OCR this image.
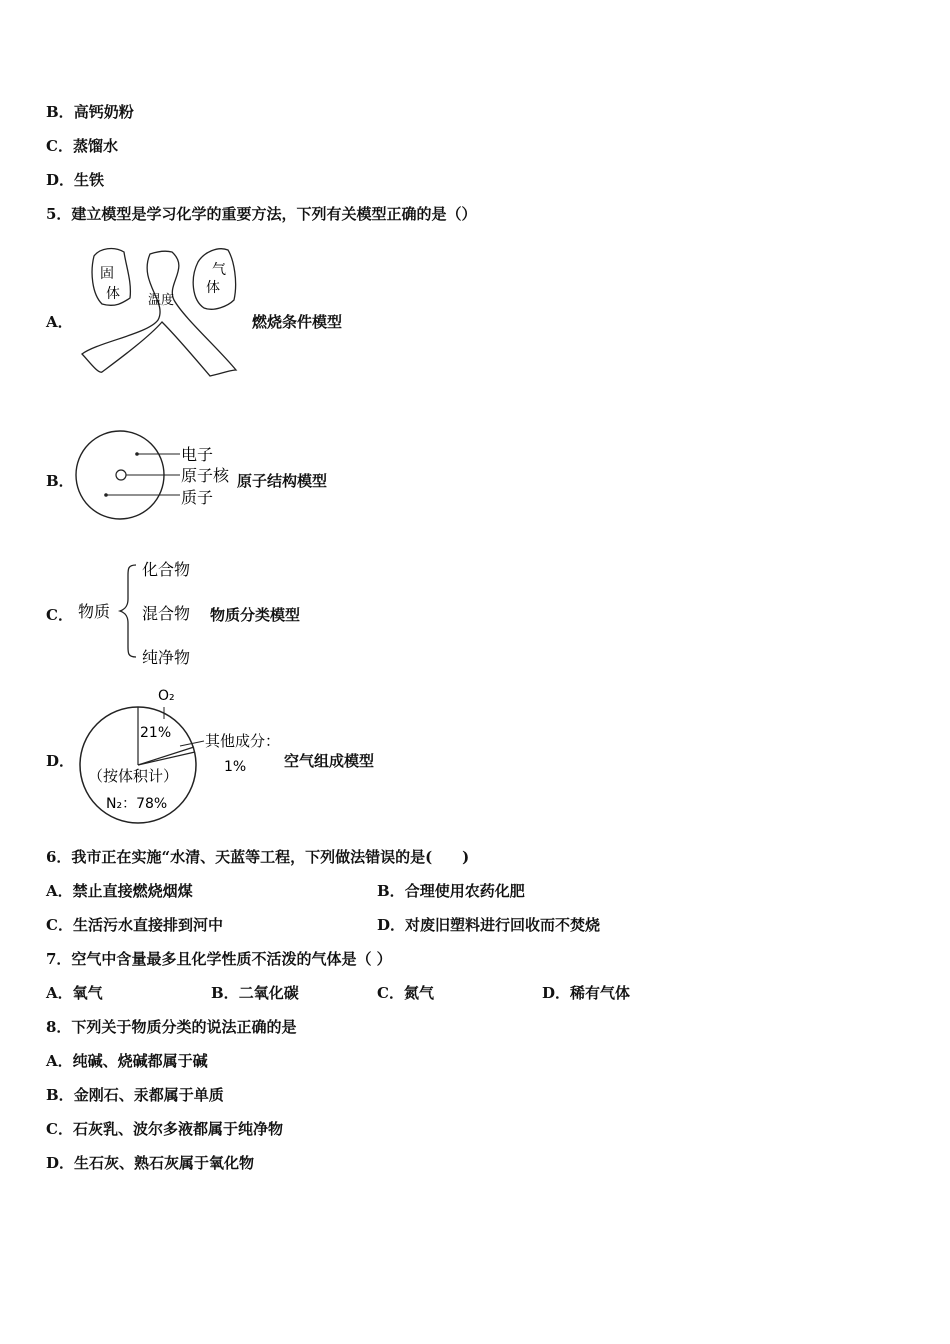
B．高钙奶粉
C．蒸馏水
D．生铁
5．建立模型是学习化学的重要方法，下列有关模型正确的是（）
A．
固
体 温度
气
体
燃烧条件模型
B．
电子
原子核
质子
原子结构模型
C． 物质
化合物
混合物
纯净物
物质分类模型
D．
O₂
21% 其他成分：
1%
（按体积计）
N₂：78%
空气组成模型
6．我市正在实施“水清、天蓝等工程，下列做法错误的是(　　)
A．禁止直接燃烧烟煤	B．合理使用农药化肥
C．生活污水直接排到河中	D．对废旧塑料进行回收而不焚烧
7．空气中含量最多且化学性质不活泼的气体是（ ）
A．氧气	B．二氧化碳	C．氮气	D．稀有气体
8．下列关于物质分类的说法正确的是
A．纯碱、烧碱都属于碱
B．金刚石、汞都属于单质
C．石灰乳、波尔多液都属于纯净物
D．生石灰、熟石灰属于氧化物
